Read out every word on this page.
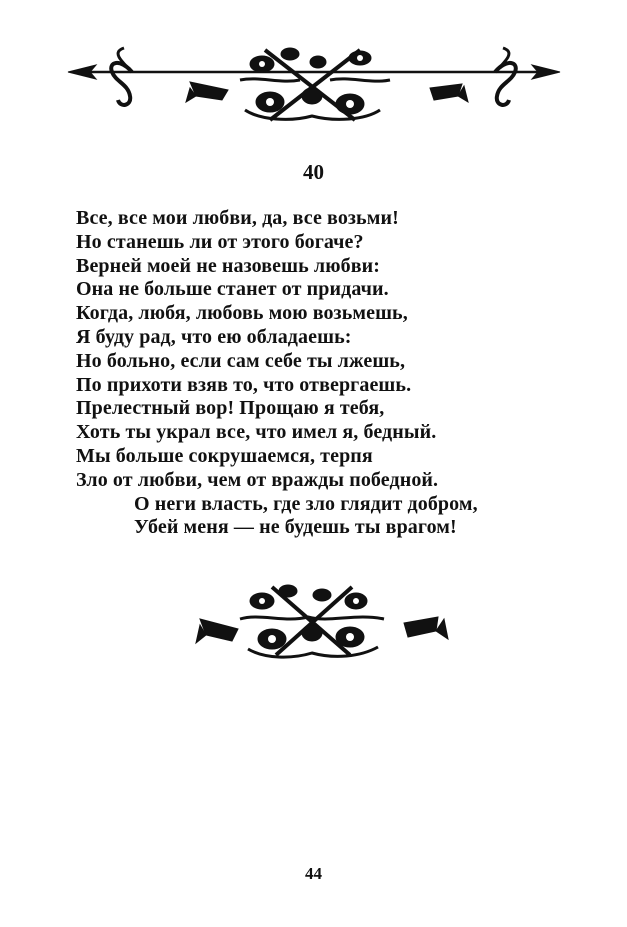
40
Все, все мои любви, да, все возьми!
Но станешь ли от этого богаче?
Верней моей не назовешь любви:
Она не больше станет от придачи.
Когда, любя, любовь мою возьмешь,
Я буду рад, что ею обладаешь:
Но больно, если сам себе ты лжешь,
По прихоти взяв то, что отвергаешь.
Прелестный вор! Прощаю я тебя,
Хоть ты украл все, что имел я, бедный.
Мы больше сокрушаемся, терпя
Зло от любви, чем от вражды победной.
О неги власть, где зло глядит добром,
Убей меня — не будешь ты врагом!
44
